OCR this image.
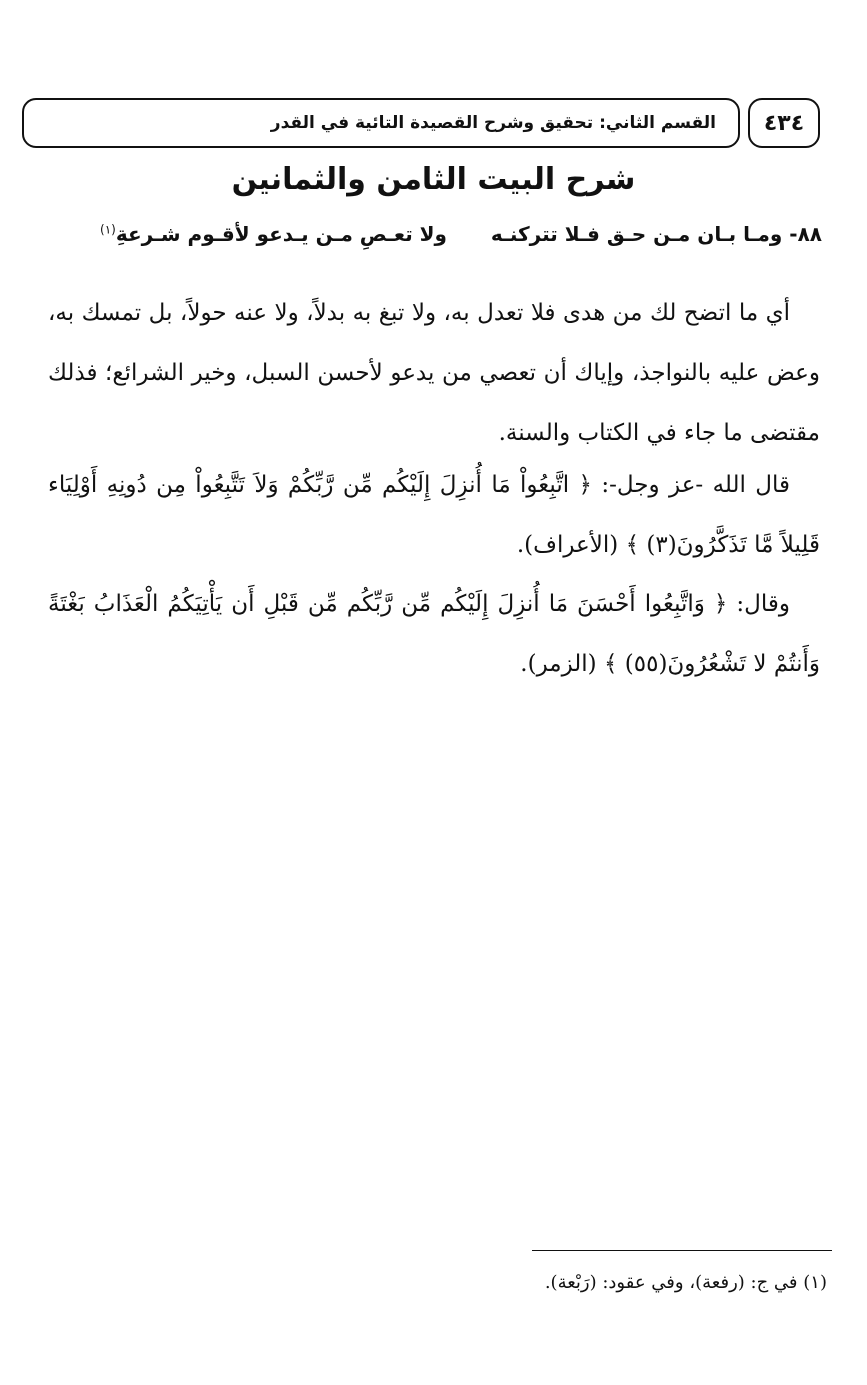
القسم الثاني: تحقيق وشرح القصيدة التائية في القدر	٤٣٤
شرح البيت الثامن والثمانين
٨٨- ومـا بـان مـن حـق فـلا تتركنـه
ولا تعـصِ مـن يـدعو لأقـوم شـرعةِ$^{(١)}$

أي ما اتضح لك من هدى فلا تعدل به، ولا تبغ به بدلاً، ولا عنه حولاً، بل تمسك به، وعض عليه بالنواجذ، وإياك أن تعصي من يدعو لأحسن السبل، وخير الشرائع؛ فذلك مقتضى ما جاء في الكتاب والسنة.

قال الله -عز وجل-: ﴿ اتَّبِعُواْ مَا أُنزِلَ إِلَيْكُم مِّن رَّبِّكُمْ وَلاَ تَتَّبِعُواْ مِن دُونِهِ أَوْلِيَاء قَلِيلاً مَّا تَذَكَّرُونَ(٣) ﴾ (الأعراف).

وقال: ﴿ وَاتَّبِعُوا أَحْسَنَ مَا أُنزِلَ إِلَيْكُم مِّن رَّبِّكُم مِّن قَبْلِ أَن يَأْتِيَكُمُ الْعَذَابُ بَغْتَةً وَأَنتُمْ لا تَشْعُرُونَ(٥٥) ﴾ (الزمر).

(١) في ج: (رفعة)، وفي عقود: (رَبْعة).
